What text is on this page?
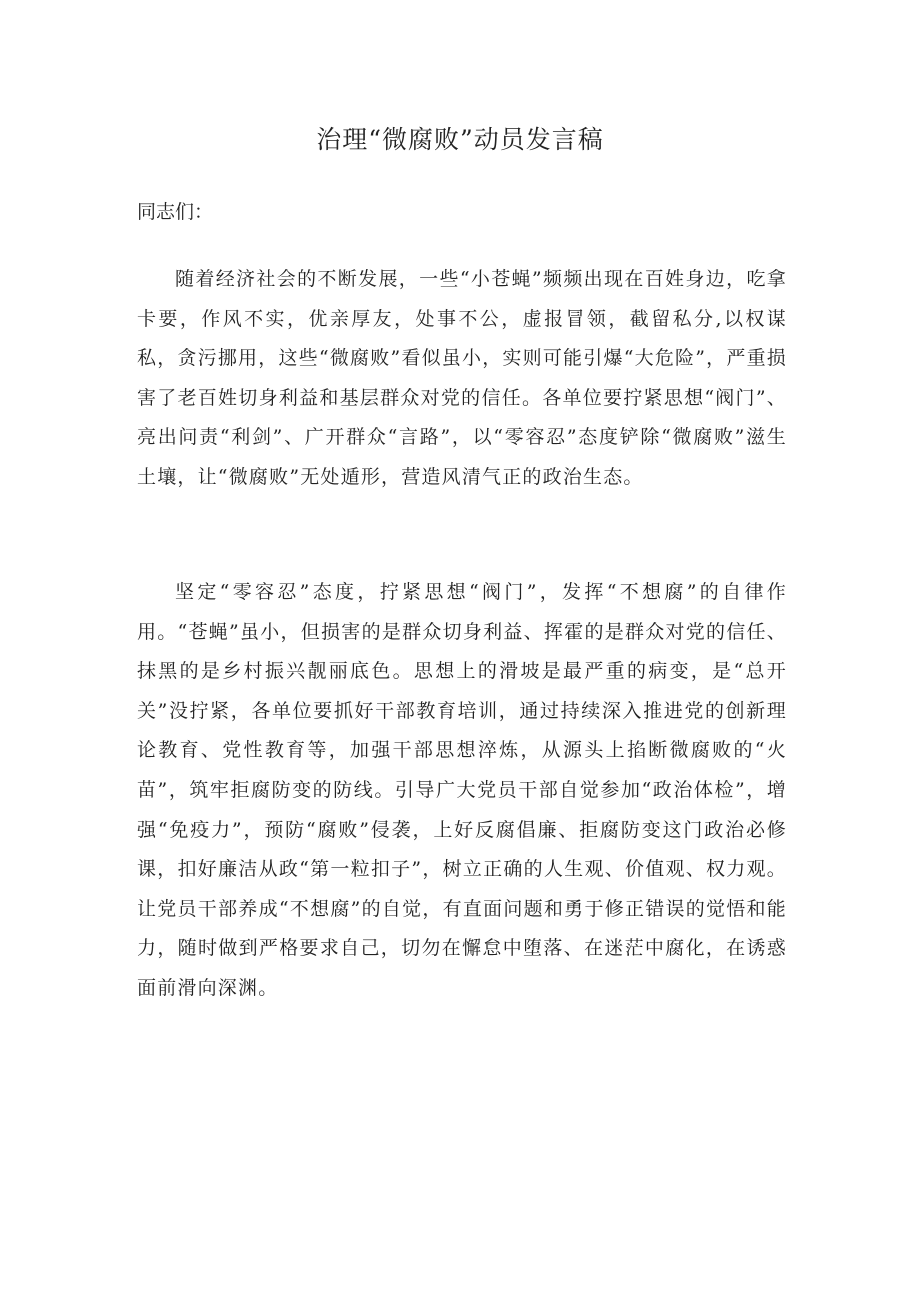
治理“微腐败”动员发言稿

同志们：

随着经济社会的不断发展，一些“小苍蝇”频频出现在百姓身边，吃拿卡要，作风不实，优亲厚友，处事不公，虚报冒领，截留私分,以权谋私，贪污挪用，这些“微腐败”看似虽小，实则可能引爆“大危险”，严重损害了老百姓切身利益和基层群众对党的信任。各单位要拧紧思想“阀门”、亮出问责“利剑”、广开群众“言路”，以“零容忍”态度铲除“微腐败”滋生土壤，让“微腐败”无处遁形，营造风清气正的政治生态。

坚定“零容忍”态度，拧紧思想“阀门”，发挥“不想腐”的自律作用。“苍蝇”虽小，但损害的是群众切身利益、挥霍的是群众对党的信任、抹黑的是乡村振兴靓丽底色。思想上的滑坡是最严重的病变，是“总开关”没拧紧，各单位要抓好干部教育培训，通过持续深入推进党的创新理论教育、党性教育等，加强干部思想淬炼，从源头上掐断微腐败的“火苗”，筑牢拒腐防变的防线。引导广大党员干部自觉参加“政治体检”，增强“免疫力”，预防“腐败”侵袭，上好反腐倡廉、拒腐防变这门政治必修课，扣好廉洁从政“第一粒扣子”，树立正确的人生观、价值观、权力观。让党员干部养成“不想腐”的自觉，有直面问题和勇于修正错误的觉悟和能力，随时做到严格要求自己，切勿在懈怠中堕落、在迷茫中腐化，在诱惑面前滑向深渊。
